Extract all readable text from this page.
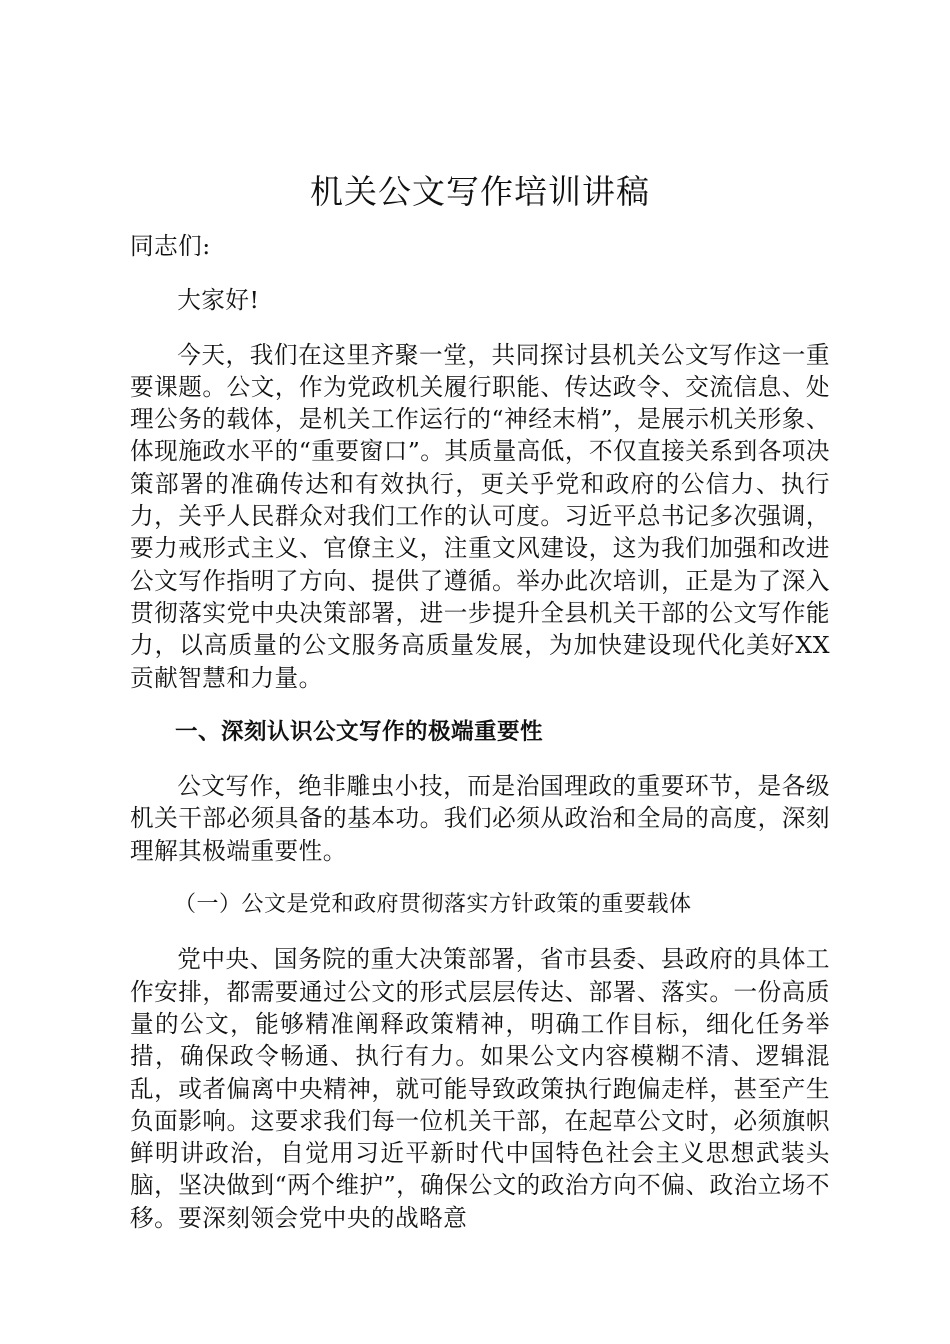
机关公文写作培训讲稿

同志们:

大家好!

今天，我们在这里齐聚一堂，共同探讨县机关公文写作这一重要课题。公文，作为党政机关履行职能、传达政令、交流信息、处理公务的载体，是机关工作运行的“神经末梢”，是展示机关形象、体现施政水平的“重要窗口”。其质量高低，不仅直接关系到各项决策部署的准确传达和有效执行，更关乎党和政府的公信力、执行力，关乎人民群众对我们工作的认可度。习近平总书记多次强调，要力戒形式主义、官僚主义，注重文风建设，这为我们加强和改进公文写作指明了方向、提供了遵循。举办此次培训，正是为了深入贯彻落实党中央决策部署，进一步提升全县机关干部的公文写作能力，以高质量的公文服务高质量发展，为加快建设现代化美好XX贡献智慧和力量。

一、深刻认识公文写作的极端重要性

公文写作，绝非雕虫小技，而是治国理政的重要环节，是各级机关干部必须具备的基本功。我们必须从政治和全局的高度，深刻理解其极端重要性。

（一）公文是党和政府贯彻落实方针政策的重要载体

党中央、国务院的重大决策部署，省市县委、县政府的具体工作安排，都需要通过公文的形式层层传达、部署、落实。一份高质量的公文，能够精准阐释政策精神，明确工作目标，细化任务举措，确保政令畅通、执行有力。如果公文内容模糊不清、逻辑混乱，或者偏离中央精神，就可能导致政策执行跑偏走样，甚至产生负面影响。这要求我们每一位机关干部，在起草公文时，必须旗帜鲜明讲政治，自觉用习近平新时代中国特色社会主义思想武装头脑，坚决做到“两个维护”，确保公文的政治方向不偏、政治立场不移。要深刻领会党中央的战略意
